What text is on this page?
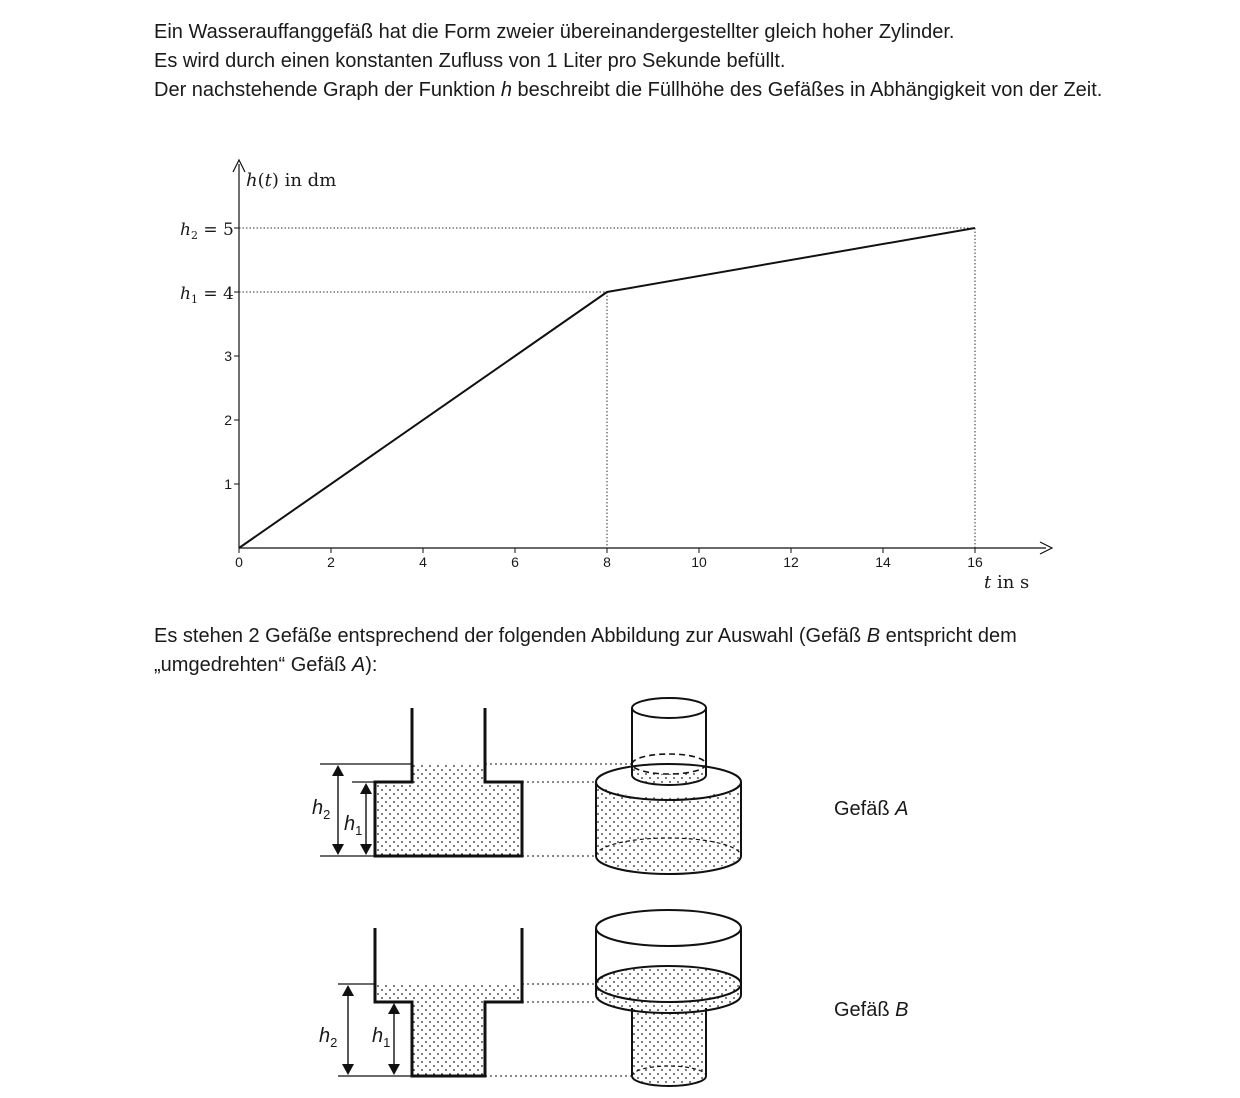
Ein Wasserauffanggefäß hat die Form zweier übereinandergestellter gleich hoher Zylinder.

Es wird durch einen konstanten Zufluss von 1 Liter pro Sekunde befüllt.

Der nachstehende Graph der Funktion h beschreibt die Füllhöhe des Gefäßes in Abhängigkeit von der Zeit.

Es stehen 2 Gefäße entsprechend der folgenden Abbildung zur Auswahl (Gefäß B entspricht dem „umgedrehten“ Gefäß A):

0	2	4	6	8	10	12	14	16
1
2
3
h(t) in dm
t in s
$h_2 = 5$
$h_1 = 4$
$h_2$ $h_1$
Gefäß A
$h_2$ $h_1$
Gefäß B
